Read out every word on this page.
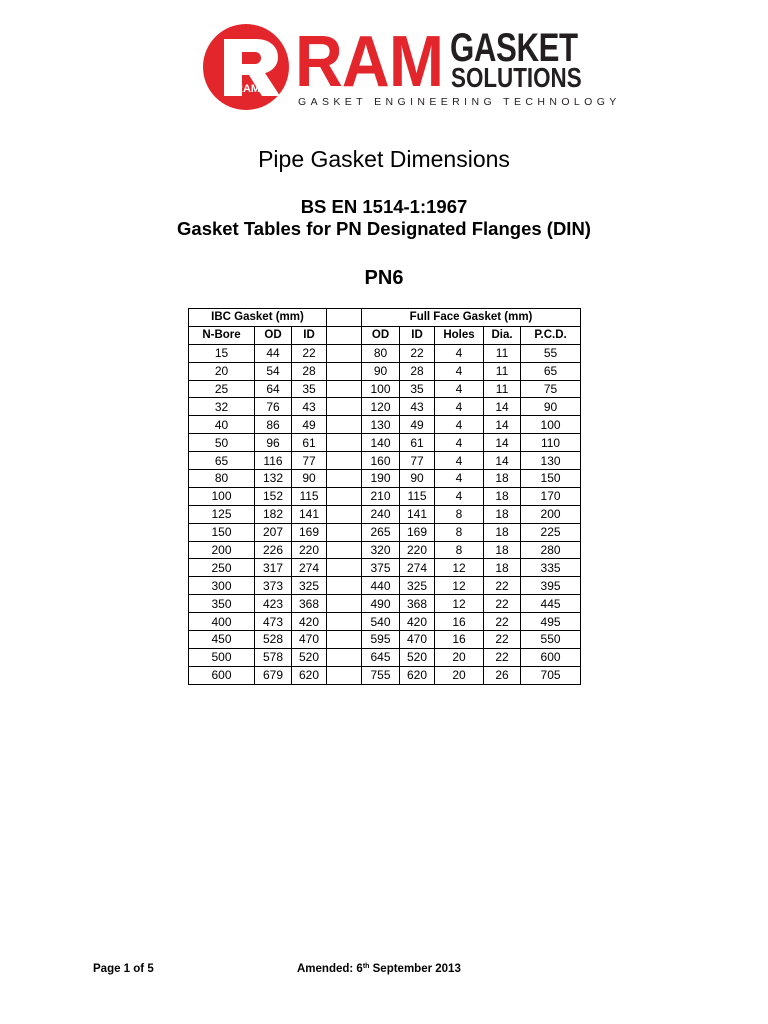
RAM RAM GASKET
SOLUTIONS
GASKET ENGINEERING TECHNOLOGY
Pipe Gasket Dimensions
BS EN 1514-1:1967
Gasket Tables for PN Designated Flanges (DIN)
PN6
IBC Gasket (mm)				Full Face Gasket (mm)				
N-Bore	OD	ID		OD	ID	Holes	Dia.	P.C.D.
15	44	22		80	22	4	11	55
20	54	28		90	28	4	11	65
25	64	35		100	35	4	11	75
32	76	43		120	43	4	14	90
40	86	49		130	49	4	14	100
50	96	61		140	61	4	14	110
65	116	77		160	77	4	14	130
80	132	90		190	90	4	18	150
100	152	115		210	115	4	18	170
125	182	141		240	141	8	18	200
150	207	169		265	169	8	18	225
200	226	220		320	220	8	18	280
250	317	274		375	274	12	18	335
300	373	325		440	325	12	22	395
350	423	368		490	368	12	22	445
400	473	420		540	420	16	22	495
450	528	470		595	470	16	22	550
500	578	520		645	520	20	22	600
600	679	620		755	620	20	26	705
Page 1 of 5	Amended: 6th September 2013
